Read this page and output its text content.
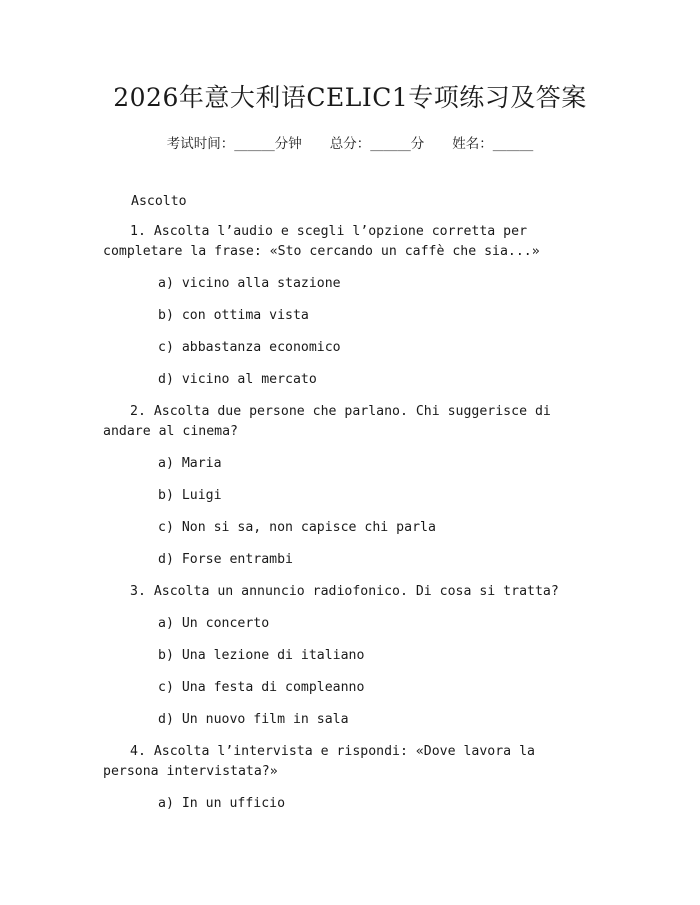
2026年意大利语CELIC1专项练习及答案
考试时间：______分钟 总分：______分 姓名：______
Ascolto
1. Ascolta l’audio e scegli l’opzione corretta per completare la frase: «Sto cercando un caffè che sia...»
a) vicino alla stazione
b) con ottima vista
c) abbastanza economico
d) vicino al mercato
2. Ascolta due persone che parlano. Chi suggerisce di andare al cinema?
a) Maria
b) Luigi
c) Non si sa, non capisce chi parla
d) Forse entrambi
3. Ascolta un annuncio radiofonico. Di cosa si tratta?
a) Un concerto
b) Una lezione di italiano
c) Una festa di compleanno
d) Un nuovo film in sala
4. Ascolta l’intervista e rispondi: «Dove lavora la persona intervistata?»
a) In un ufficio
